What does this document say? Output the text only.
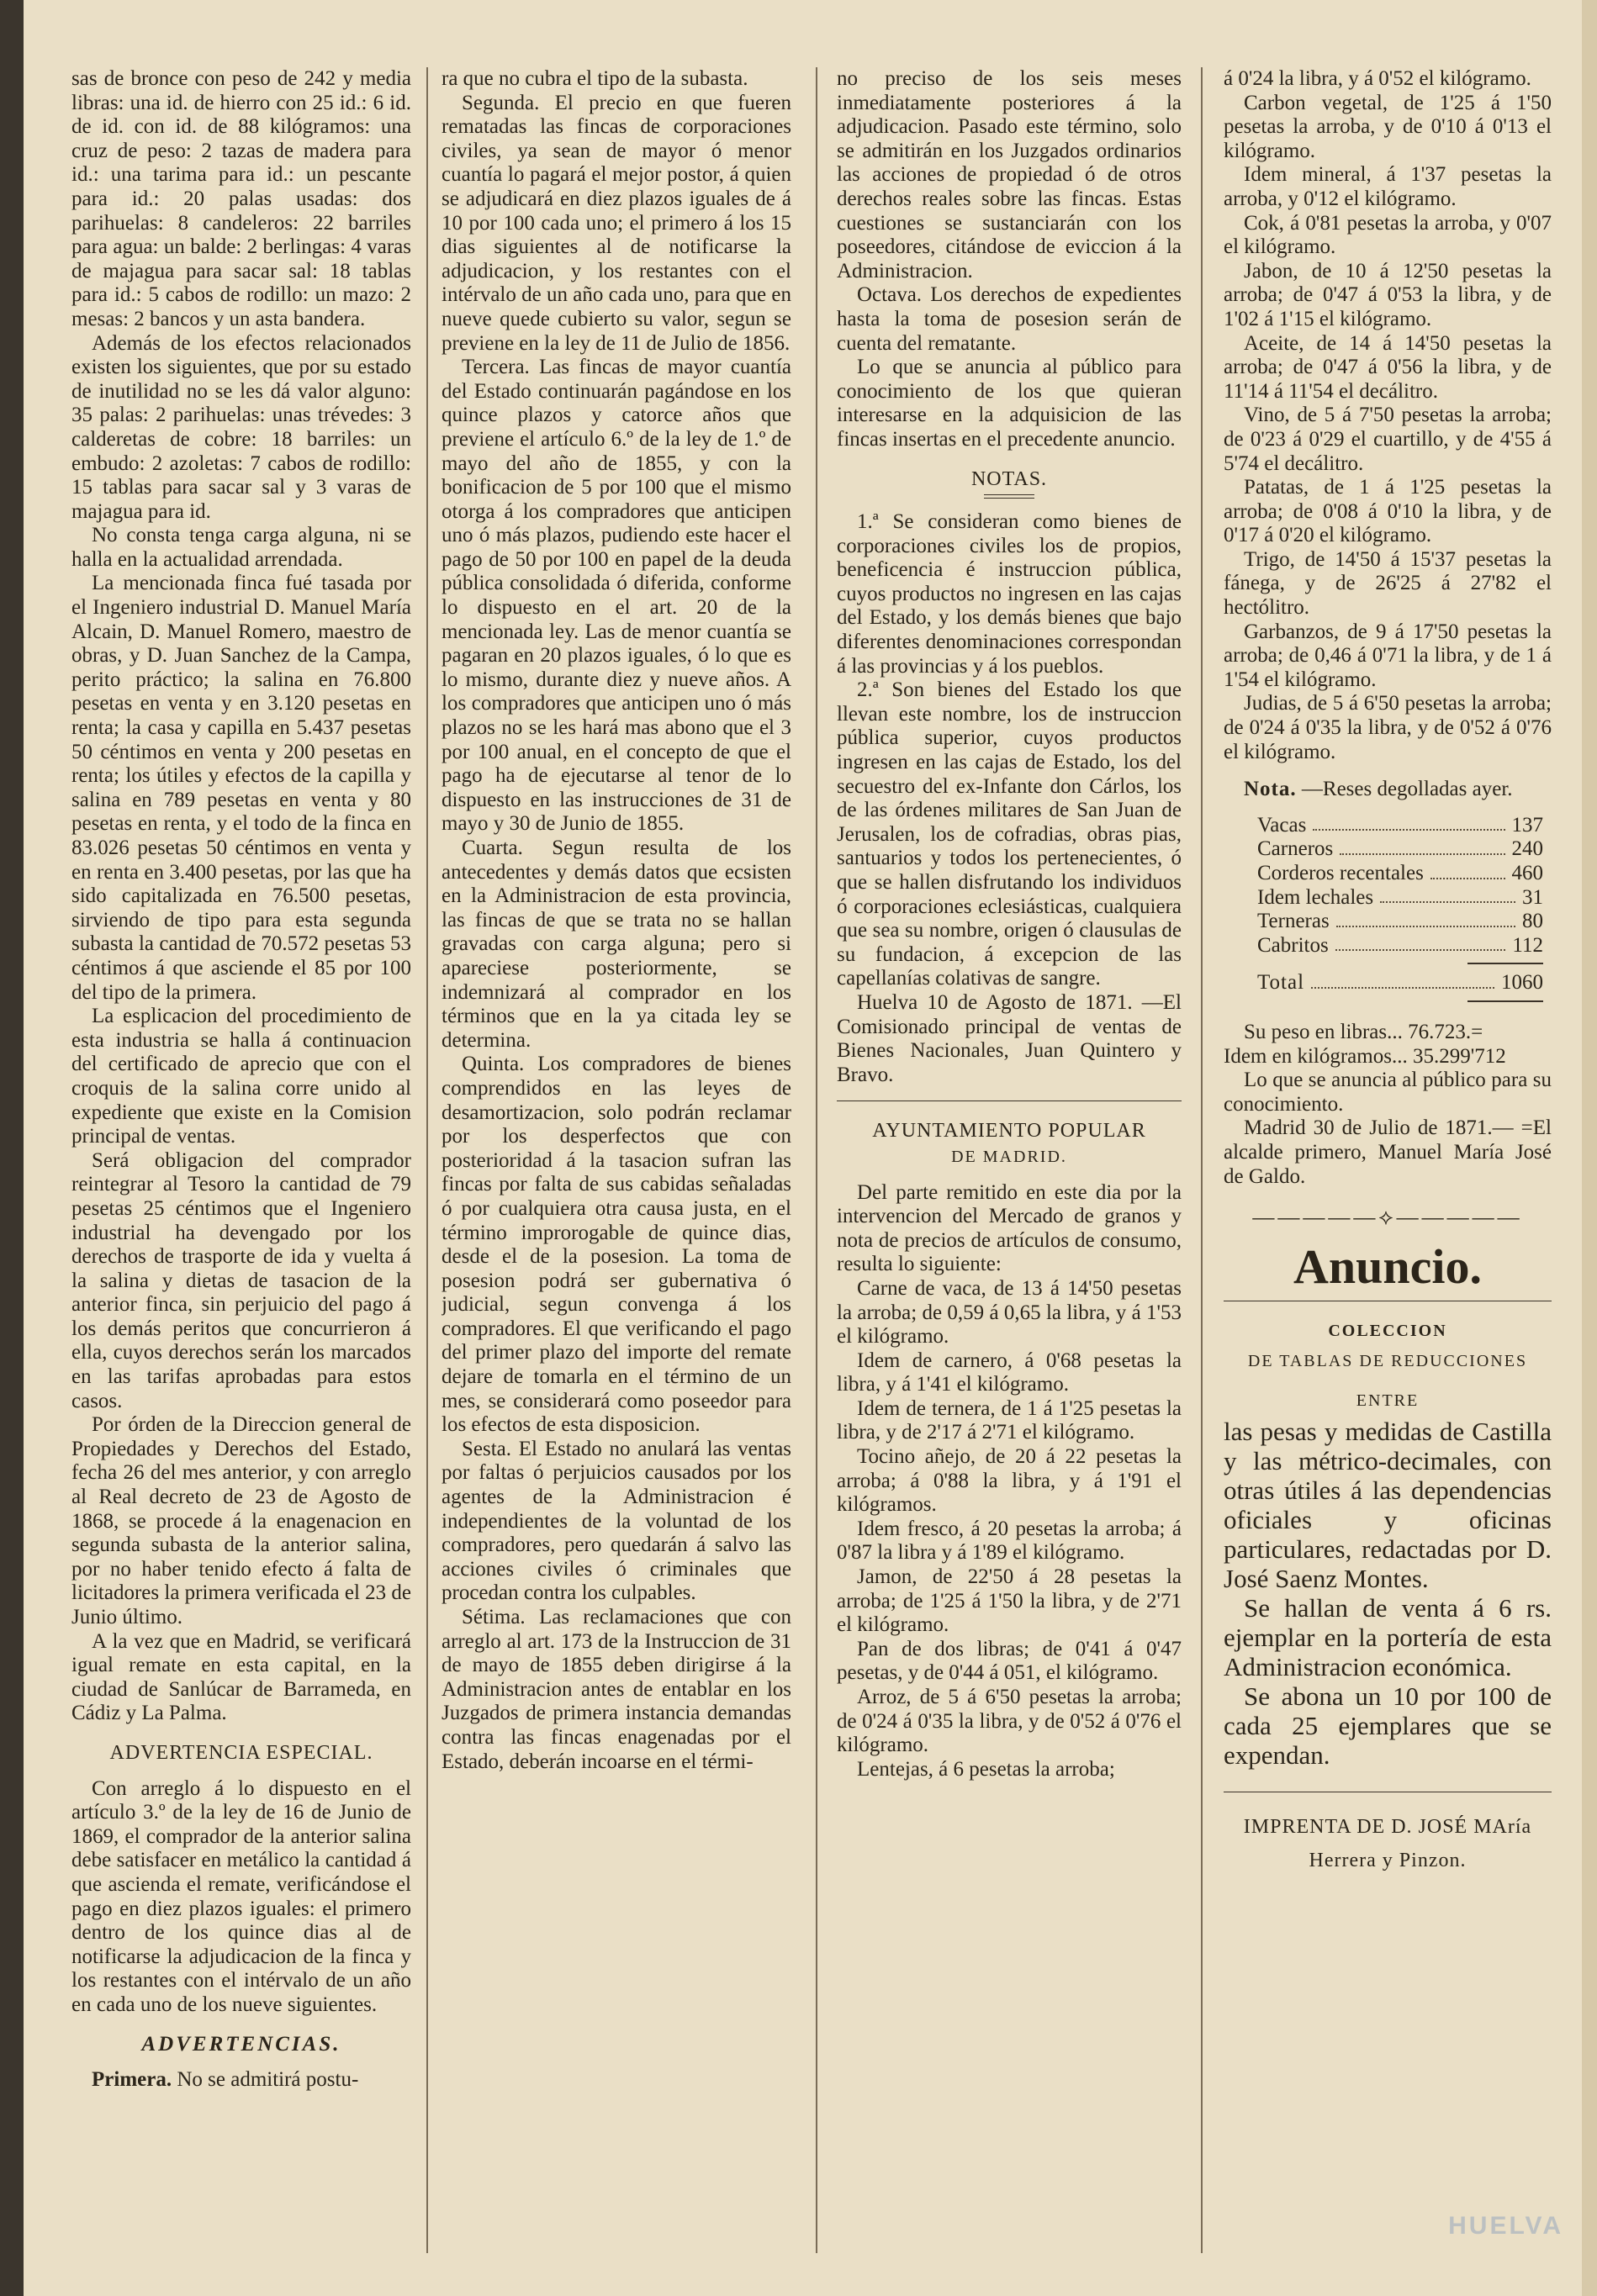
sas de bronce con peso de 242 y media libras: una id. de hierro con 25 id.: 6 id. de id. con id. de 88 kilógramos: una cruz de peso: 2 tazas de madera para id.: una tarima para id.: un pescante para id.: 20 palas usadas: dos parihuelas: 8 candeleros: 22 barriles para agua: un balde: 2 berlingas: 4 varas de majagua para sacar sal: 18 tablas para id.: 5 cabos de rodillo: un mazo: 2 mesas: 2 bancos y un asta bandera.

Además de los efectos relacionados existen los siguientes, que por su estado de inutilidad no se les dá valor alguno: 35 palas: 2 parihuelas: unas trévedes: 3 calderetas de cobre: 18 barriles: un embudo: 2 azoletas: 7 cabos de rodillo: 15 tablas para sacar sal y 3 varas de majagua para id.

No consta tenga carga alguna, ni se halla en la actualidad arrendada.

La mencionada finca fué tasada por el Ingeniero industrial D. Manuel María Alcain, D. Manuel Romero, maestro de obras, y D. Juan Sanchez de la Campa, perito práctico; la salina en 76.800 pesetas en venta y en 3.120 pesetas en renta; la casa y capilla en 5.437 pesetas 50 céntimos en venta y 200 pesetas en renta; los útiles y efectos de la capilla y salina en 789 pesetas en venta y 80 pesetas en renta, y el todo de la finca en 83.026 pesetas 50 céntimos en venta y en renta en 3.400 pesetas, por las que ha sido capitalizada en 76.500 pesetas, sirviendo de tipo para esta segunda subasta la cantidad de 70.572 pesetas 53 céntimos á que asciende el 85 por 100 del tipo de la primera.

La esplicacion del procedimiento de esta industria se halla á continuacion del certificado de aprecio que con el croquis de la salina corre unido al expediente que existe en la Comision principal de ventas.

Será obligacion del comprador reintegrar al Tesoro la cantidad de 79 pesetas 25 céntimos que el Ingeniero industrial ha devengado por los derechos de trasporte de ida y vuelta á la salina y dietas de tasacion de la anterior finca, sin perjuicio del pago á los demás peritos que concurrieron á ella, cuyos derechos serán los marcados en las tarifas aprobadas para estos casos.

Por órden de la Direccion general de Propiedades y Derechos del Estado, fecha 26 del mes anterior, y con arreglo al Real decreto de 23 de Agosto de 1868, se procede á la enagenacion en segunda subasta de la anterior salina, por no haber tenido efecto á falta de licitadores la primera verificada el 23 de Junio último.

A la vez que en Madrid, se verificará igual remate en esta capital, en la ciudad de Sanlúcar de Barrameda, en Cádiz y La Palma.

ADVERTENCIA ESPECIAL.

Con arreglo á lo dispuesto en el artículo 3.º de la ley de 16 de Junio de 1869, el comprador de la anterior salina debe satisfacer en metálico la cantidad á que ascienda el remate, verificándose el pago en diez plazos iguales: el primero dentro de los quince dias al de notificarse la adjudicacion de la finca y los restantes con el intérvalo de un año en cada uno de los nueve siguientes.

ADVERTENCIAS.

Primera. No se admitirá postu-

ra que no cubra el tipo de la subasta.

Segunda. El precio en que fueren rematadas las fincas de corporaciones civiles, ya sean de mayor ó menor cuantía lo pagará el mejor postor, á quien se adjudicará en diez plazos iguales de á 10 por 100 cada uno; el primero á los 15 dias siguientes al de notificarse la adjudicacion, y los restantes con el intérvalo de un año cada uno, para que en nueve quede cubierto su valor, segun se previene en la ley de 11 de Julio de 1856.

Tercera. Las fincas de mayor cuantía del Estado continuarán pagándose en los quince plazos y catorce años que previene el artículo 6.º de la ley de 1.º de mayo del año de 1855, y con la bonificacion de 5 por 100 que el mismo otorga á los compradores que anticipen uno ó más plazos, pudiendo este hacer el pago de 50 por 100 en papel de la deuda pública consolidada ó diferida, conforme lo dispuesto en el art. 20 de la mencionada ley. Las de menor cuantía se pagaran en 20 plazos iguales, ó lo que es lo mismo, durante diez y nueve años. A los compradores que anticipen uno ó más plazos no se les hará mas abono que el 3 por 100 anual, en el concepto de que el pago ha de ejecutarse al tenor de lo dispuesto en las instrucciones de 31 de mayo y 30 de Junio de 1855.

Cuarta. Segun resulta de los antecedentes y demás datos que ecsisten en la Administracion de esta provincia, las fincas de que se trata no se hallan gravadas con carga alguna; pero si apareciese posteriormente, se indemnizará al comprador en los términos que en la ya citada ley se determina.

Quinta. Los compradores de bienes comprendidos en las leyes de desamortizacion, solo podrán reclamar por los desperfectos que con posterioridad á la tasacion sufran las fincas por falta de sus cabidas señaladas ó por cualquiera otra causa justa, en el término improrogable de quince dias, desde el de la posesion. La toma de posesion podrá ser gubernativa ó judicial, segun convenga á los compradores. El que verificando el pago del primer plazo del importe del remate dejare de tomarla en el término de un mes, se considerará como poseedor para los efectos de esta disposicion.

Sesta. El Estado no anulará las ventas por faltas ó perjuicios causados por los agentes de la Administracion é independientes de la voluntad de los compradores, pero quedarán á salvo las acciones civiles ó criminales que procedan contra los culpables.

Sétima. Las reclamaciones que con arreglo al art. 173 de la Instruccion de 31 de mayo de 1855 deben dirigirse á la Administracion antes de entablar en los Juzgados de primera instancia demandas contra las fincas enagenadas por el Estado, deberán incoarse en el térmi-

no preciso de los seis meses inmediatamente posteriores á la adjudicacion. Pasado este término, solo se admitirán en los Juzgados ordinarios las acciones de propiedad ó de otros derechos reales sobre las fincas. Estas cuestiones se sustanciarán con los poseedores, citándose de eviccion á la Administracion.

Octava. Los derechos de expedientes hasta la toma de posesion serán de cuenta del rematante.

Lo que se anuncia al público para conocimiento de los que quieran interesarse en la adquisicion de las fincas insertas en el precedente anuncio.

NOTAS.

1.ª Se consideran como bienes de corporaciones civiles los de propios, beneficencia é instruccion pública, cuyos productos no ingresen en las cajas del Estado, y los demás bienes que bajo diferentes denominaciones correspondan á las provincias y á los pueblos.

2.ª Son bienes del Estado los que llevan este nombre, los de instruccion pública superior, cuyos productos ingresen en las cajas de Estado, los del secuestro del ex-Infante don Cárlos, los de las órdenes militares de San Juan de Jerusalen, los de cofradias, obras pias, santuarios y todos los pertenecientes, ó que se hallen disfrutando los individuos ó corporaciones eclesiásticas, cualquiera que sea su nombre, origen ó clausulas de su fundacion, á excepcion de las capellanías colativas de sangre.

Huelva 10 de Agosto de 1871. —El Comisionado principal de ventas de Bienes Nacionales, Juan Quintero y Bravo.

AYUNTAMIENTO POPULAR

DE MADRID.

Del parte remitido en este dia por la intervencion del Mercado de granos y nota de precios de artículos de consumo, resulta lo siguiente:

Carne de vaca, de 13 á 14'50 pesetas la arroba; de 0,59 á 0,65 la libra, y á 1'53 el kilógramo.

Idem de carnero, á 0'68 pesetas la libra, y á 1'41 el kilógramo.

Idem de ternera, de 1 á 1'25 pesetas la libra, y de 2'17 á 2'71 el kilógramo.

Tocino añejo, de 20 á 22 pesetas la arroba; á 0'88 la libra, y á 1'91 el kilógramos.

Idem fresco, á 20 pesetas la arroba; á 0'87 la libra y á 1'89 el kilógramo.

Jamon, de 22'50 á 28 pesetas la arroba; de 1'25 á 1'50 la libra, y de 2'71 el kilógramo.

Pan de dos libras; de 0'41 á 0'47 pesetas, y de 0'44 á 051, el kilógramo.

Arroz, de 5 á 6'50 pesetas la arroba; de 0'24 á 0'35 la libra, y de 0'52 á 0'76 el kilógramo.

Lentejas, á 6 pesetas la arroba;

á 0'24 la libra, y á 0'52 el kilógramo.

Carbon vegetal, de 1'25 á 1'50 pesetas la arroba, y de 0'10 á 0'13 el kilógramo.

Idem mineral, á 1'37 pesetas la arroba, y 0'12 el kilógramo.

Cok, á 0'81 pesetas la arroba, y 0'07 el kilógramo.

Jabon, de 10 á 12'50 pesetas la arroba; de 0'47 á 0'53 la libra, y de 1'02 á 1'15 el kilógramo.

Aceite, de 14 á 14'50 pesetas la arroba; de 0'47 á 0'56 la libra, y de 11'14 á 11'54 el decálitro.

Vino, de 5 á 7'50 pesetas la arroba; de 0'23 á 0'29 el cuartillo, y de 4'55 á 5'74 el decálitro.

Patatas, de 1 á 1'25 pesetas la arroba; de 0'08 á 0'10 la libra, y de 0'17 á 0'20 el kilógramo.

Trigo, de 14'50 á 15'37 pesetas la fánega, y de 26'25 á 27'82 el hectólitro.

Garbanzos, de 9 á 17'50 pesetas la arroba; de 0,46 á 0'71 la libra, y de 1 á 1'54 el kilógramo.

Judias, de 5 á 6'50 pesetas la arroba; de 0'24 á 0'35 la libra, y de 0'52 á 0'76 el kilógramo.

Nota. —Reses degolladas ayer.

Vacas	137
Carneros	240
Corderos recentales	460
Idem lechales	31
Terneras	80
Cabritos	112
Total	1060

Su peso en libras... 76.723.=

Idem en kilógramos... 35.299'712

Lo que se anuncia al público para su conocimiento.

Madrid 30 de Julio de 1871.— =El alcalde primero, Manuel María José de Galdo.

—————⟡—————

Anuncio.

COLECCION

DE TABLAS DE REDUCCIONES

ENTRE

las pesas y medidas de Castilla y las métrico-decimales, con otras útiles á las dependencias oficiales y oficinas particulares, redactadas por D. José Saenz Montes.

Se hallan de venta á 6 rs. ejemplar en la portería de esta Administracion económica.

Se abona un 10 por 100 de cada 25 ejemplares que se expendan.

IMPRENTA DE D. JOSÉ MAría Herrera y Pinzon.

HUELVA
